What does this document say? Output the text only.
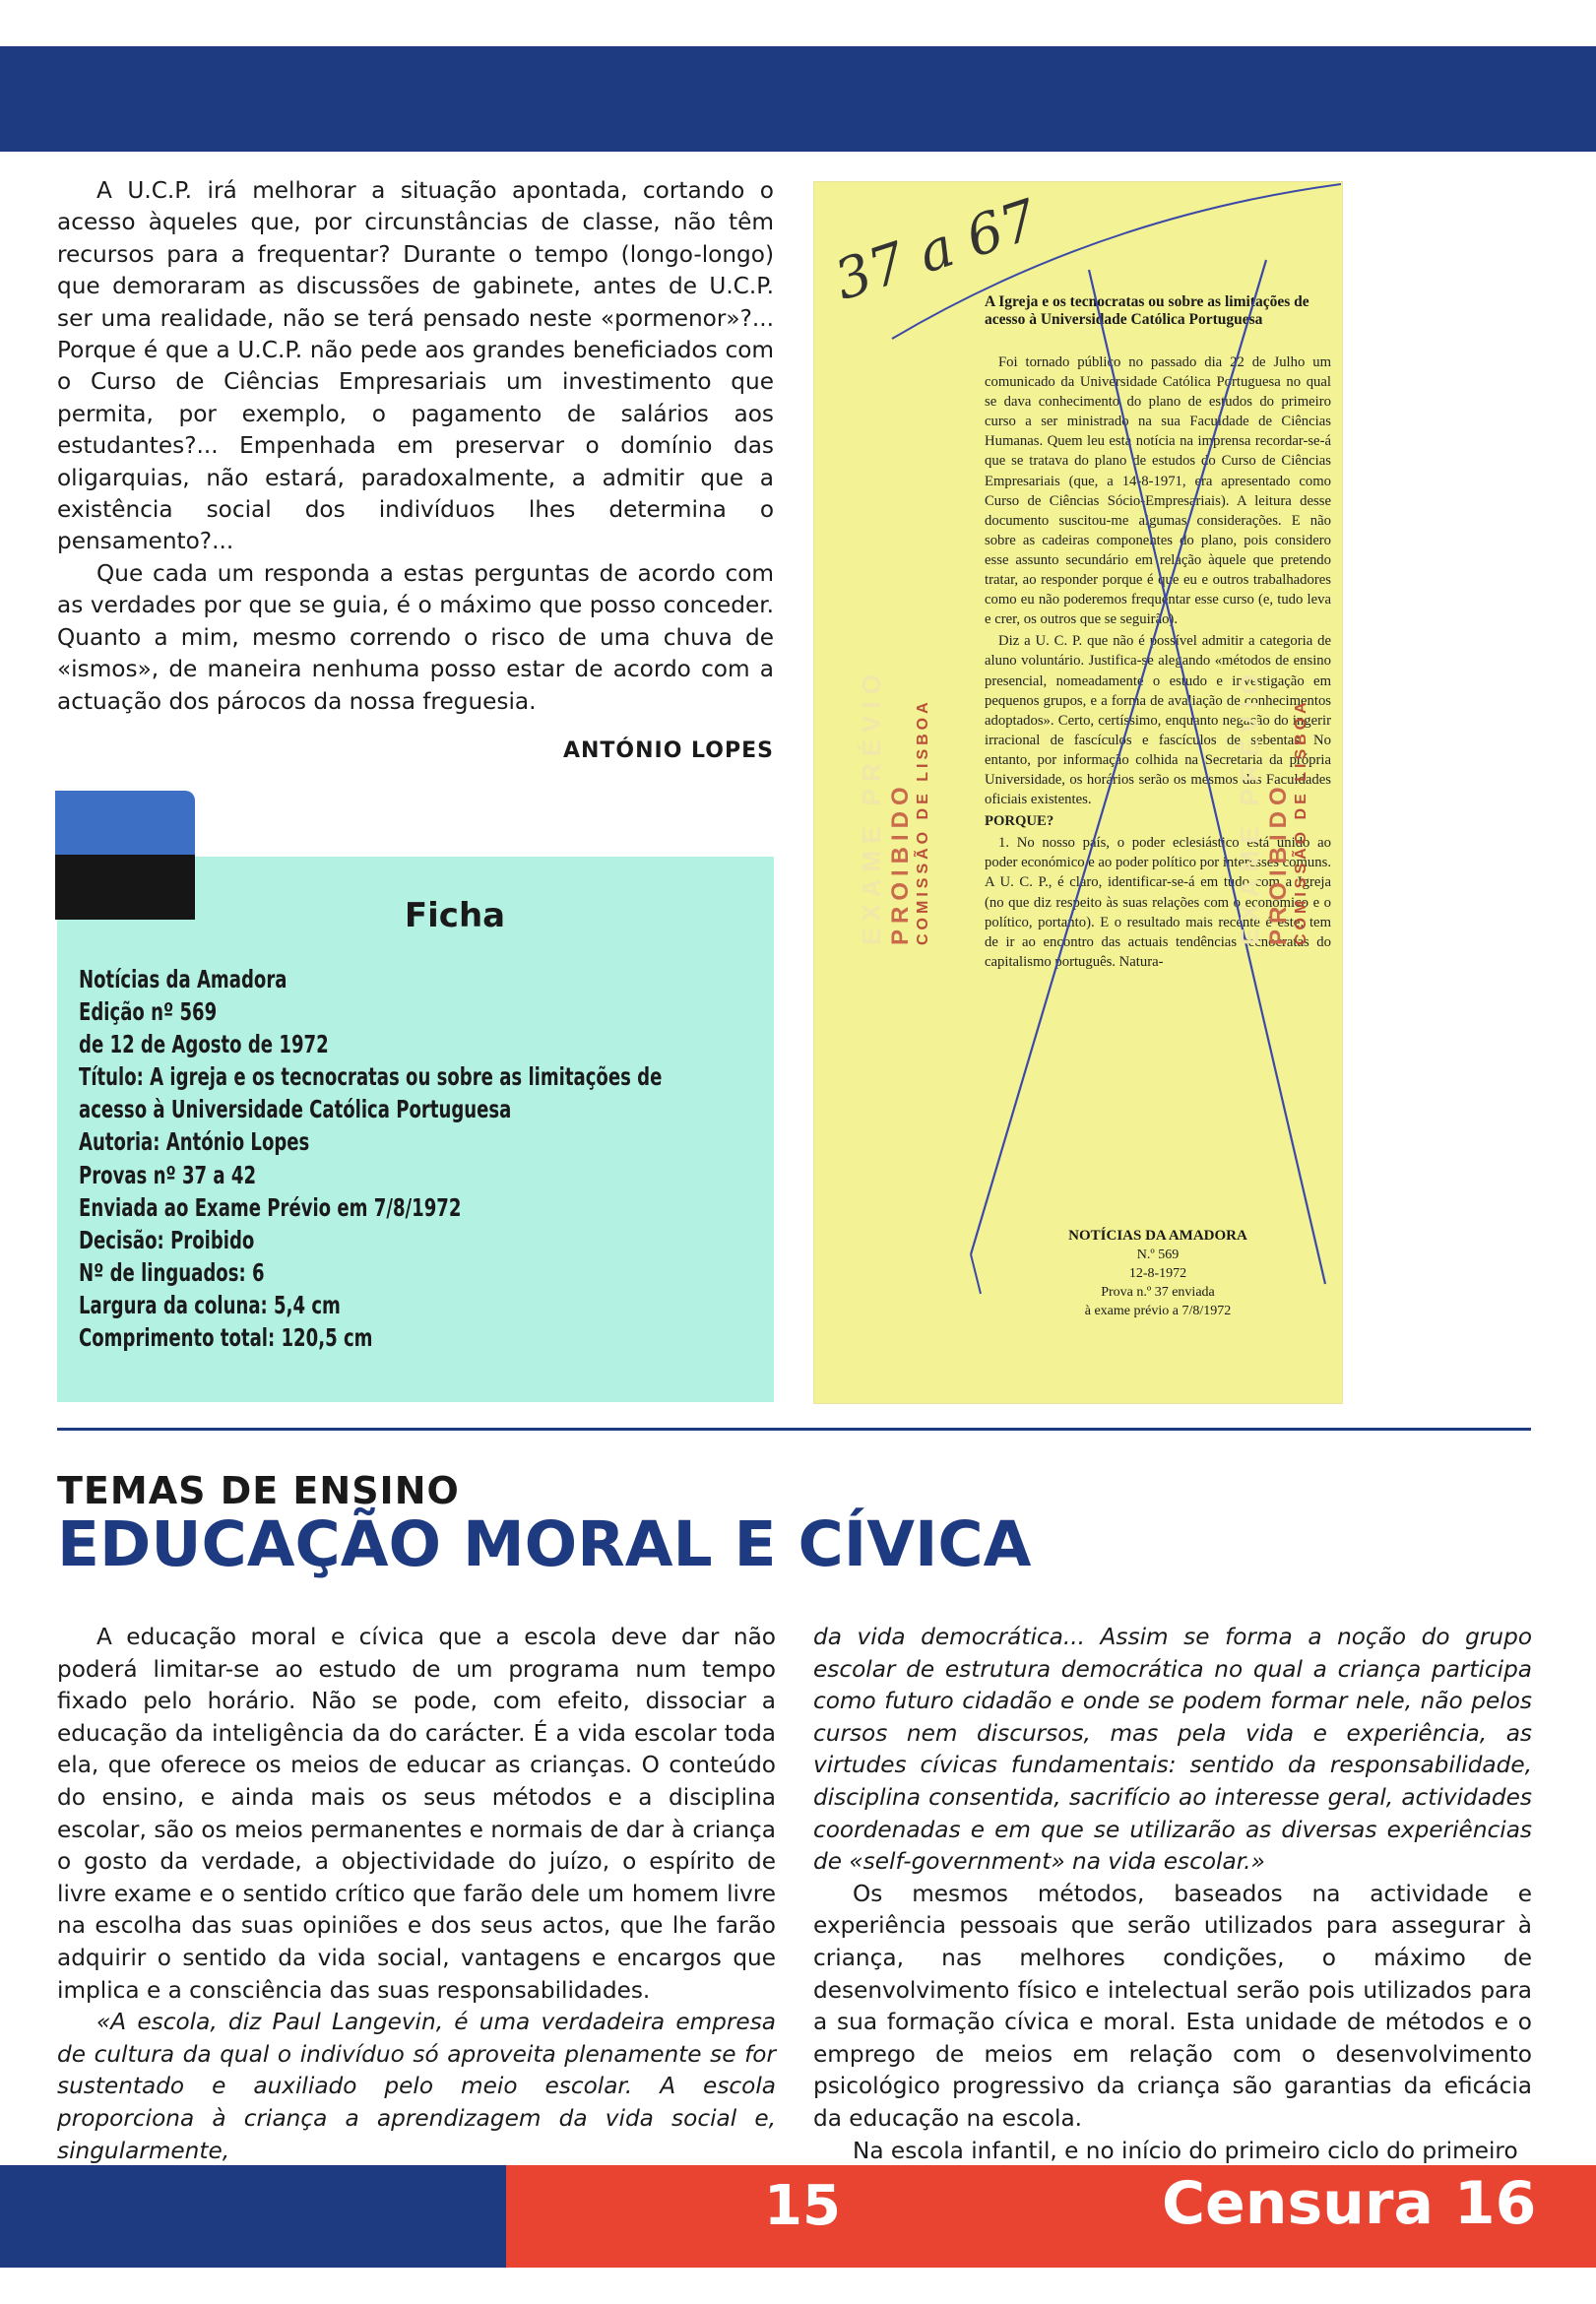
A U.C.P. irá melhorar a situação apontada, cortando o acesso àqueles que, por circunstâncias de classe, não têm recursos para a frequentar? Durante o tempo (longo-longo) que demoraram as discussões de gabinete, antes de U.C.P. ser uma realidade, não se terá pensado neste «pormenor»?... Porque é que a U.C.P. não pede aos grandes beneficiados com o Curso de Ciências Empresariais um investimento que permita, por exemplo, o pagamento de salários aos estudantes?... Empenhada em preservar o domínio das oligarquias, não estará, paradoxalmente, a admitir que a existência social dos indivíduos lhes determina o pensamento?...

Que cada um responda a estas perguntas de acordo com as verdades por que se guia, é o máximo que posso conceder. Quanto a mim, mesmo correndo o risco de uma chuva de «ismos», de maneira nenhuma posso estar de acordo com a actuação dos párocos da nossa freguesia.

ANTÓNIO LOPES
Ficha
Notícias da Amadora
Edição nº 569
de 12 de Agosto de 1972
Título: A igreja e os tecnocratas ou sobre as limitações de
acesso à Universidade Católica Portuguesa
Autoria: António Lopes
Provas nº 37 a 42
Enviada ao Exame Prévio em 7/8/1972
Decisão: Proibido
Nº de linguados: 6
Largura da coluna: 5,4 cm
Comprimento total: 120,5 cm
37 a 67
A Igreja e os tecnocratas ou sobre as limitações de acesso à Universidade Católica Portuguesa

Foi tornado público no passado dia 22 de Julho um comunicado da Universidade Católica Portuguesa no qual se dava conhecimento do plano de estudos do primeiro curso a ser ministrado na sua Faculdade de Ciências Humanas. Quem leu esta notícia na imprensa recordar-se-á que se tratava do plano de estudos do Curso de Ciências Empresariais (que, a 14-8-1971, era apresentado como Curso de Ciências Sócio-Empresariais). A leitura desse documento suscitou-me algumas considerações. E não sobre as cadeiras componentes do plano, pois considero esse assunto secundário em relação àquele que pretendo tratar, ao responder porque é que eu e outros trabalhadores como eu não poderemos frequentar esse curso (e, tudo leva e crer, os outros que se seguirão).

Diz a U. C. P. que não é possível admitir a categoria de aluno voluntário. Justifica-se alegando «métodos de ensino presencial, nomeadamente o estudo e investigação em pequenos grupos, e a forma de avaliação de conhecimentos adoptados». Certo, certíssimo, enquanto negação do ingerir irracional de fascículos e fascículos de sebentas. No entanto, por informação colhida na Secretaria da própria Universidade, os horários serão os mesmos das Faculdades oficiais existentes.

PORQUE?

1. No nosso país, o poder eclesiástico está unido ao poder económico e ao poder político por interesses comuns. A U. C. P., é claro, identificar-se-á em tudo com a Igreja (no que diz respeito às suas relações com o económico e o político, portanto). E o resultado mais recente é este: tem de ir ao encontro das actuais tendências tecnocratas do capitalismo português. Natura-

NOTÍCIAS DA AMADORA
N.º 569
12-8-1972
Prova n.º 37 enviada
à exame prévio a 7/8/1972
EXAME PRÉVIO PROIBIDO COMISSÃO DE LISBOA	EXAME PRÉVIO PROIBIDO COMISSÃO DE LISBOA
TEMAS DE ENSINO
EDUCAÇÃO MORAL E CÍVICA

A educação moral e cívica que a escola deve dar não poderá limitar-se ao estudo de um programa num tempo fixado pelo horário. Não se pode, com efeito, dissociar a educação da inteligência da do carácter. É a vida escolar toda ela, que oferece os meios de educar as crianças. O conteúdo do ensino, e ainda mais os seus métodos e a disciplina escolar, são os meios permanentes e normais de dar à criança o gosto da verdade, a objectividade do juízo, o espírito de livre exame e o sentido crítico que farão dele um homem livre na escolha das suas opiniões e dos seus actos, que lhe farão adquirir o sentido da vida social, vantagens e encargos que implica e a consciência das suas responsabilidades.

«A escola, diz Paul Langevin, é uma verdadeira empresa de cultura da qual o indivíduo só aproveita plenamente se for sustentado e auxiliado pelo meio escolar. A escola proporciona à criança a aprendizagem da vida social e, singularmente,

da vida democrática... Assim se forma a noção do grupo escolar de estrutura democrática no qual a criança participa como futuro cidadão e onde se podem formar nele, não pelos cursos nem discursos, mas pela vida e experiência, as virtudes cívicas fundamentais: sentido da responsabilidade, disciplina consentida, sacrifício ao interesse geral, actividades coordenadas e em que se utilizarão as diversas experiências de «self-government» na vida escolar.»

Os mesmos métodos, baseados na actividade e experiência pessoais que serão utilizados para assegurar à criança, nas melhores condições, o máximo de desenvolvimento físico e intelectual serão pois utilizados para a sua formação cívica e moral. Esta unidade de métodos e o emprego de meios em relação com o desenvolvimento psicológico progressivo da criança são garantias da eficácia da educação na escola.

Na escola infantil, e no início do primeiro ciclo do primeiro

15	Censura 16
